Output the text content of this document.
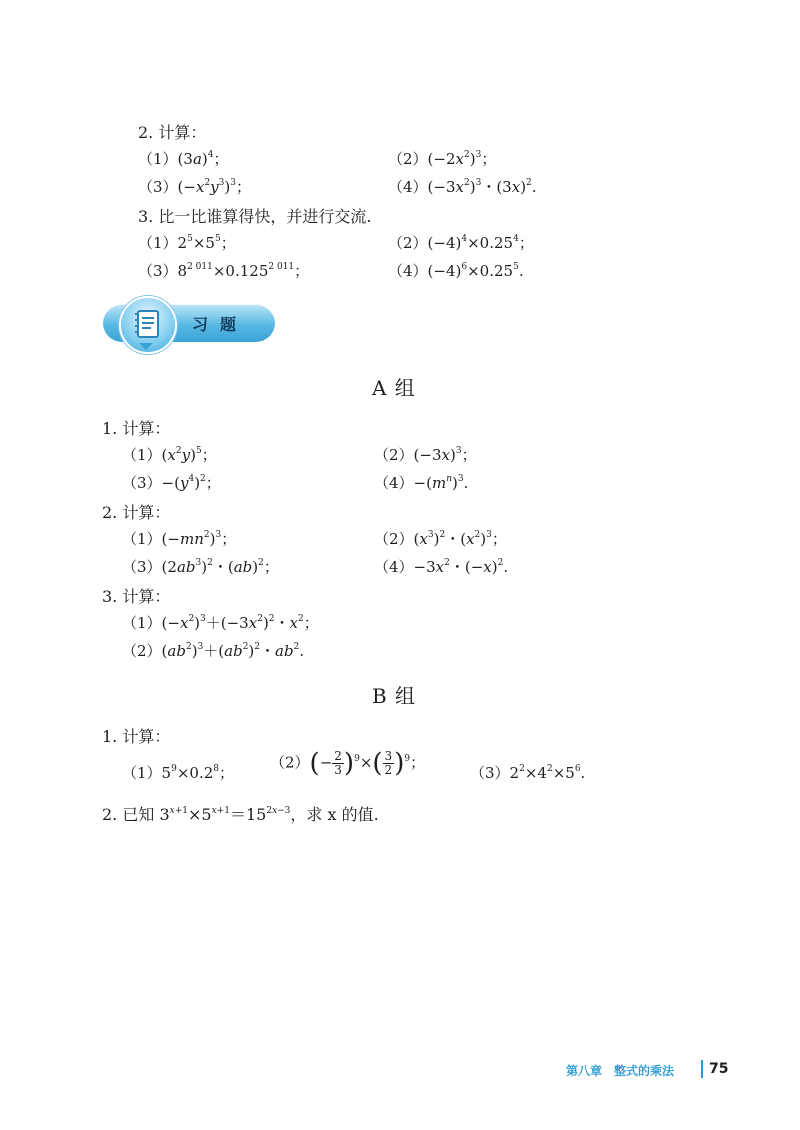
2. 计算：
$(1)(3a)^4$；	$(2)(-2x^2)^3$；
$(3)(-x^2y^3)^3$；	$(4)(-3x^2)^3$・$(3x)^2$.
3. 比一比谁算得快，并进行交流.
$(1)2^5\times 5^5$；	$(2)(-4)^4\times 0.25^4$；
$(3)8^{2 011}\times 0.125^{2 011}$；	$(4)(-4)^6\times 0.25^5$.
习题
A 组
1. 计算：
$(1)(x^2y)^5$；	$(2)(-3x)^3$；
$(3)-(y^4)^2$；	$(4)-(m^n)^3$.
2. 计算：
$(1)(-mn^2)^3$；	$(2)(x^3)^2$・$(x^2)^3$；
$(3)(2ab^3)^2$・(ab)$^2$；	$(4)-3x^2$・$(-x)^2$.
3. 计算：
$(1)(-x^2)^3+(-3x^2)^2$・$x^2$；
$(2)(ab^2)^3+(ab^2)^2$・$ab^2$.
B 组
1. 计算：
$(1)5^9\times 0.2^8$；
$(2)(- \frac{2}{3} )^9\times( \frac{3}{2} )^9$；
$(3)2^2\times 4^2\times 5^6$.
2. 已知 $3^{x+1}\times 5^{x+1}=15^{2x-3}$，求 x 的值.
第八章　整式的乘法 75
